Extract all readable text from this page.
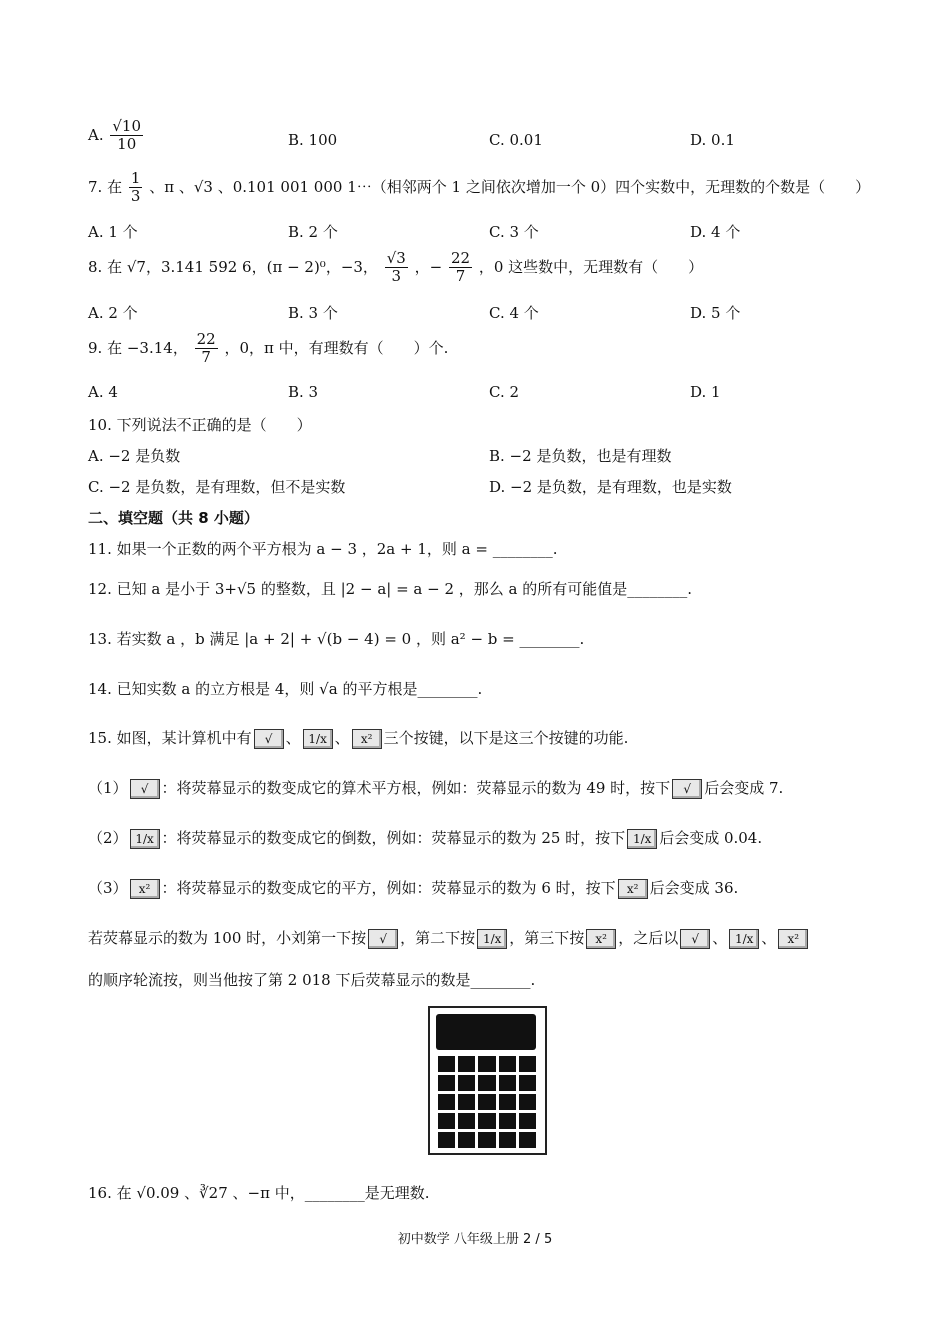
A. $\frac{√10}{10}$	B. 100	C. 0.01	D. 0.1
7. 在 $\frac{1}{3}$ 、π 、√3 、0.101 001 000 1⋯（相邻两个 1 之间依次增加一个 0）四个实数中，无理数的个数是（　　）
A. 1 个	B. 2 个	C. 3 个	D. 4 个
8. 在 √7，3.141 592 6，(π − 2)⁰，−3， $\frac{√3}{3}$ ，− $\frac{22}{7}$ ，0 这些数中，无理数有（　　）
A. 2 个	B. 3 个	C. 4 个	D. 5 个
9. 在 −3.14， $\frac{22}{7}$ ，0，π 中，有理数有（　　）个.
A. 4	B. 3	C. 2	D. 1
10. 下列说法不正确的是（　　）
A. −2 是负数	B. −2 是负数，也是有理数
C. −2 是负数，是有理数，但不是实数	D. −2 是负数，是有理数，也是实数
二、填空题（共 8 小题）
11. 如果一个正数的两个平方根为 a − 3 ，2a + 1，则 a = ________.
12. 已知 a 是小于 3+√5 的整数，且 |2 − a| = a − 2 ，那么 a 的所有可能值是________.
13. 若实数 a ，b 满足 |a + 2| + √(b − 4) = 0 ，则 a² − b = ________.
14. 已知实数 a 的立方根是 4，则 √a 的平方根是________.
15. 如图，某计算机中有 √ 、 1/x 、 x² 三个按键，以下是这三个按键的功能.
（1） √ ：将荧幕显示的数变成它的算术平方根，例如：荧幕显示的数为 49 时，按下 √ 后会变成 7.
（2） 1/x ：将荧幕显示的数变成它的倒数，例如：荧幕显示的数为 25 时，按下 1/x 后会变成 0.04.
（3） x² ：将荧幕显示的数变成它的平方，例如：荧幕显示的数为 6 时，按下 x² 后会变成 36.
若荧幕显示的数为 100 时，小刘第一下按 √ ，第二下按 1/x ，第三下按 x² ，之后以 √ 、 1/x 、 x²
的顺序轮流按，则当他按了第 2 018 下后荧幕显示的数是________.
16. 在 √0.09 、∛27 、−π 中，________是无理数.
初中数学 八年级上册 2 / 5
